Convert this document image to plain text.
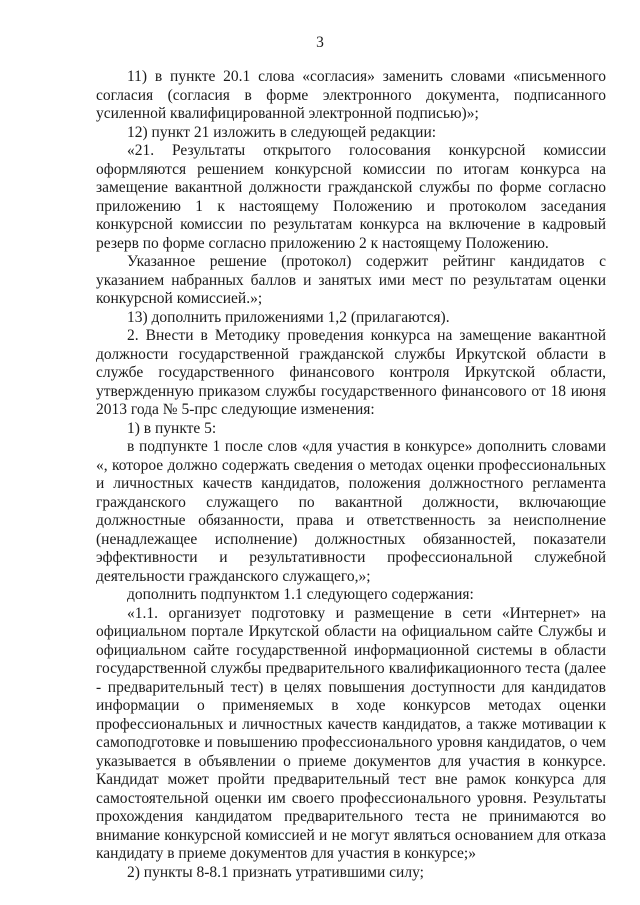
3

11) в пункте 20.1 слова «согласия» заменить словами «письменного согласия (согласия в форме электронного документа, подписанного усиленной квалифицированной электронной подписью)»;

12) пункт 21 изложить в следующей редакции:

«21. Результаты открытого голосования конкурсной комиссии оформляются решением конкурсной комиссии по итогам конкурса на замещение вакантной должности гражданской службы по форме согласно приложению 1 к настоящему Положению и протоколом заседания конкурсной комиссии по результатам конкурса на включение в кадровый резерв по форме согласно приложению 2 к настоящему Положению.

Указанное решение (протокол) содержит рейтинг кандидатов с указанием набранных баллов и занятых ими мест по результатам оценки конкурсной комиссией.»;

13) дополнить приложениями 1,2 (прилагаются).

2. Внести в Методику проведения конкурса на замещение вакантной должности государственной гражданской службы Иркутской области в службе государственного финансового контроля Иркутской области, утвержденную приказом службы государственного финансового от 18 июня 2013 года № 5-прс следующие изменения:

1) в пункте 5:

в подпункте 1 после слов «для участия в конкурсе» дополнить словами «, которое должно содержать сведения о методах оценки профессиональных и личностных качеств кандидатов, положения должностного регламента гражданского служащего по вакантной должности, включающие должностные обязанности, права и ответственность за неисполнение (ненадлежащее исполнение) должностных обязанностей, показатели эффективности и результативности профессиональной служебной деятельности гражданского служащего,»;

дополнить подпунктом 1.1 следующего содержания:

«1.1. организует подготовку и размещение в сети «Интернет» на официальном портале Иркутской области на официальном сайте Службы и официальном сайте государственной информационной системы в области государственной службы предварительного квалификационного теста (далее - предварительный тест) в целях повышения доступности для кандидатов информации о применяемых в ходе конкурсов методах оценки профессиональных и личностных качеств кандидатов, а также мотивации к самоподготовке и повышению профессионального уровня кандидатов, о чем указывается в объявлении о приеме документов для участия в конкурсе. Кандидат может пройти предварительный тест вне рамок конкурса для самостоятельной оценки им своего профессионального уровня. Результаты прохождения кандидатом предварительного теста не принимаются во внимание конкурсной комиссией и не могут являться основанием для отказа кандидату в приеме документов для участия в конкурсе;»

2) пункты 8-8.1 признать утратившими силу;
